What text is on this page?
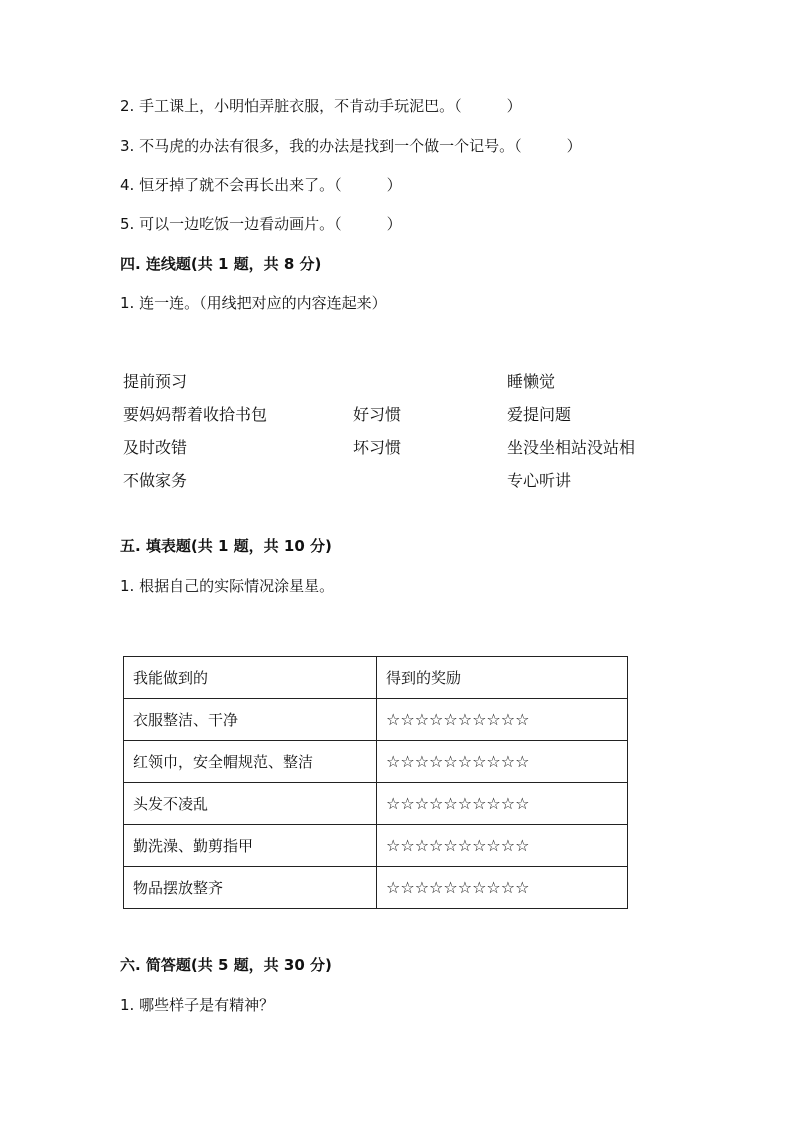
2. 手工课上，小明怕弄脏衣服，不肯动手玩泥巴。（　　　）
3. 不马虎的办法有很多，我的办法是找到一个做一个记号。（　　　）
4. 恒牙掉了就不会再长出来了。（　　　）
5. 可以一边吃饭一边看动画片。（　　　）
四. 连线题(共 1 题，共 8 分)
1. 连一连。（用线把对应的内容连起来）
提前预习
要妈妈帮着收拾书包
及时改错
不做家务
好习惯
坏习惯
睡懒觉
爱提问题
坐没坐相站没站相
专心听讲
五. 填表题(共 1 题，共 10 分)
1. 根据自己的实际情况涂星星。
我能做到的	得到的奖励
衣服整洁、干净	☆☆☆☆☆☆☆☆☆☆
红领巾，安全帽规范、整洁	☆☆☆☆☆☆☆☆☆☆
头发不凌乱	☆☆☆☆☆☆☆☆☆☆
勤洗澡、勤剪指甲	☆☆☆☆☆☆☆☆☆☆
物品摆放整齐	☆☆☆☆☆☆☆☆☆☆
六. 简答题(共 5 题，共 30 分)
1. 哪些样子是有精神？
